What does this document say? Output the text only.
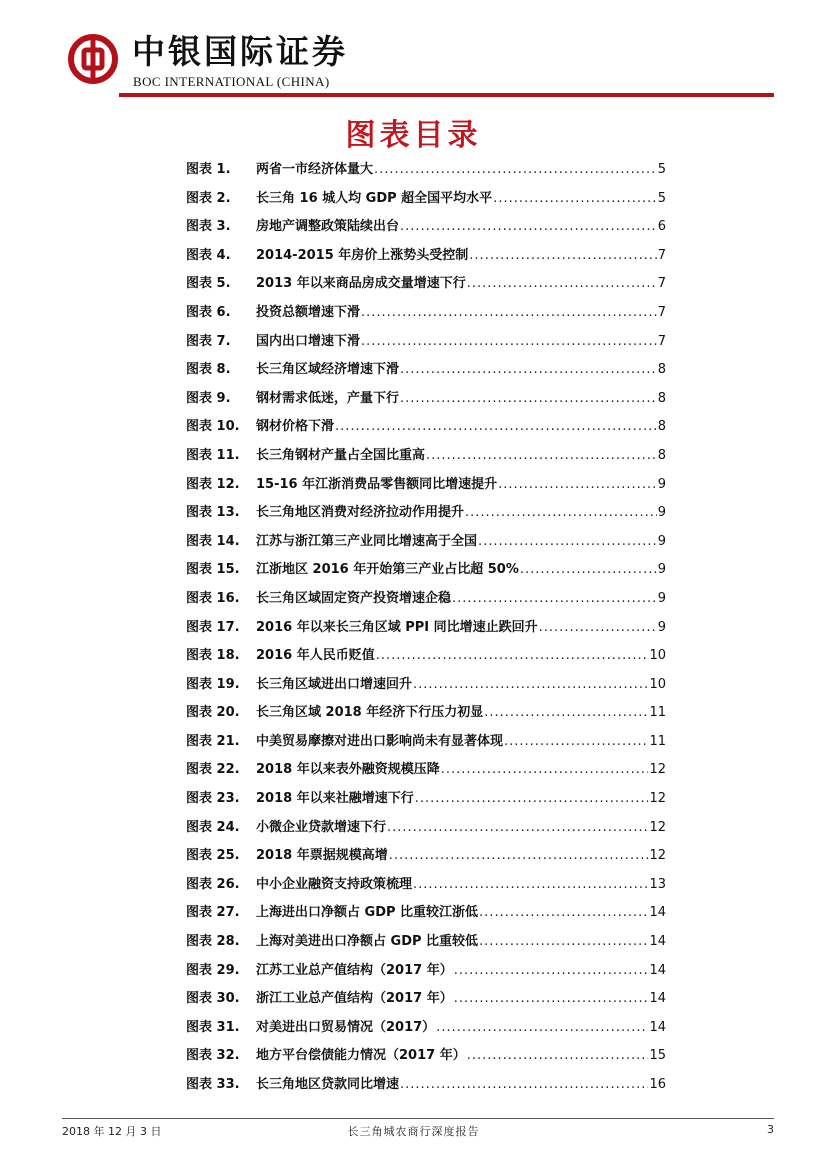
中银国际证券
BOC INTERNATIONAL (CHINA)
图表目录
图表 1.	两省一市经济体量大 .....	5
图表 2.	长三角 16 城人均 GDP 超全国平均水平 .....	5
图表 3.	房地产调整政策陆续出台 .....	6
图表 4.	2014-2015 年房价上涨势头受控制 .....	7
图表 5.	2013 年以来商品房成交量增速下行 .....	7
图表 6.	投资总额增速下滑 .....	7
图表 7.	国内出口增速下滑 .....	7
图表 8.	长三角区域经济增速下滑 .....	8
图表 9.	钢材需求低迷，产量下行 .....	8
图表 10.	钢材价格下滑 .....	8
图表 11.	长三角钢材产量占全国比重高 .....	8
图表 12.	15-16 年江浙消费品零售额同比增速提升 .....	9
图表 13.	长三角地区消费对经济拉动作用提升 .....	9
图表 14.	江苏与浙江第三产业同比增速高于全国 .....	9
图表 15.	江浙地区 2016 年开始第三产业占比超 50% .....	9
图表 16.	长三角区域固定资产投资增速企稳 .....	9
图表 17.	2016 年以来长三角区域 PPI 同比增速止跌回升 .....	9
图表 18.	2016 年人民币贬值 .....	10
图表 19.	长三角区域进出口增速回升 .....	10
图表 20.	长三角区域 2018 年经济下行压力初显 .....	11
图表 21.	中美贸易摩擦对进出口影响尚未有显著体现 .....	11
图表 22.	2018 年以来表外融资规模压降 .....	12
图表 23.	2018 年以来社融增速下行 .....	12
图表 24.	小微企业贷款增速下行 .....	12
图表 25.	2018 年票据规模高增 .....	12
图表 26.	中小企业融资支持政策梳理 .....	13
图表 27.	上海进出口净额占 GDP 比重较江浙低 .....	14
图表 28.	上海对美进出口净额占 GDP 比重较低 .....	14
图表 29.	江苏工业总产值结构（2017 年） .....	14
图表 30.	浙江工业总产值结构（2017 年） .....	14
图表 31.	对美进出口贸易情况（2017） .....	14
图表 32.	地方平台偿债能力情况（2017 年） .....	15
图表 33.	长三角地区贷款同比增速 .....	16
2018 年 12 月 3 日	长三角城农商行深度报告	3
